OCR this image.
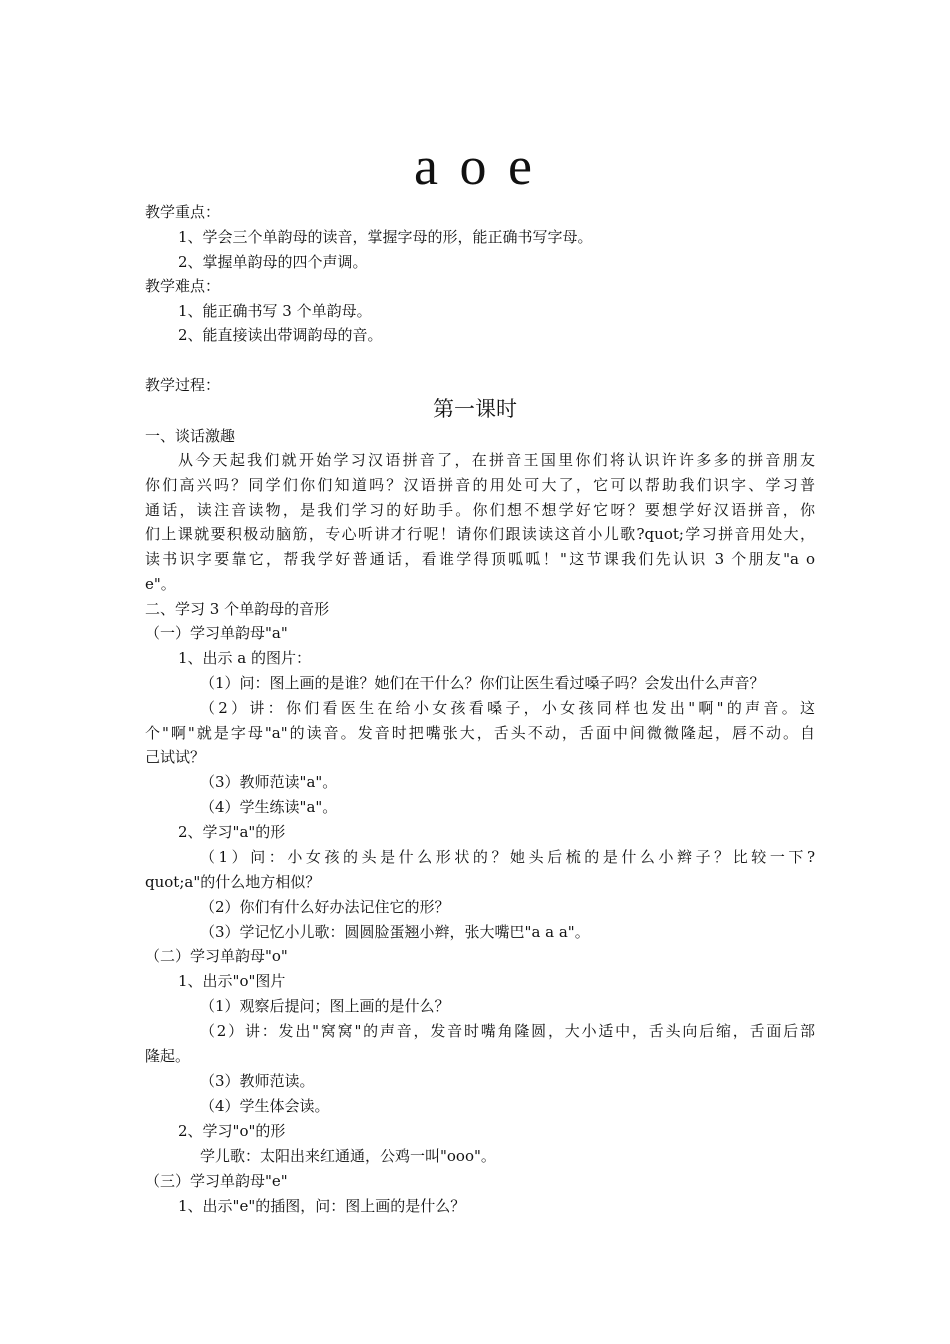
a o e
教学重点：
1、学会三个单韵母的读音，掌握字母的形，能正确书写字母。
2、掌握单韵母的四个声调。
教学难点：
1、能正确书写 3 个单韵母。
2、能直接读出带调韵母的音。
教学过程：
第一课时
一、谈话激趣
从今天起我们就开始学习汉语拼音了，在拼音王国里你们将认识许许多多的拼音朋友
你们高兴吗？同学们你们知道吗？汉语拼音的用处可大了，它可以帮助我们识字、学习普
通话，读注音读物，是我们学习的好助手。你们想不想学好它呀？要想学好汉语拼音，你
们上课就要积极动脑筋，专心听讲才行呢！请你们跟读读这首小儿歌?quot;学习拼音用处大，
读书识字要靠它，帮我学好普通话，看谁学得顶呱呱！"这节课我们先认识 3 个朋友"a o
e"。
二、学习 3 个单韵母的音形
（一）学习单韵母"a"
1、出示 a 的图片：
（1）问：图上画的是谁？她们在干什么？你们让医生看过嗓子吗？会发出什么声音？
（2）讲：你们看医生在给小女孩看嗓子，小女孩同样也发出"啊"的声音。这
个"啊"就是字母"a"的读音。发音时把嘴张大，舌头不动，舌面中间微微隆起，唇不动。自
己试试？
（3）教师范读"a"。
（4）学生练读"a"。
2、学习"a"的形
（1）问：小女孩的头是什么形状的？她头后梳的是什么小辫子？比较一下?
quot;a"的什么地方相似？
（2）你们有什么好办法记住它的形？
（3）学记忆小儿歌：圆圆脸蛋翘小辫，张大嘴巴"a a a"。
（二）学习单韵母"o"
1、出示"o"图片
（1）观察后提问；图上画的是什么？
（2）讲：发出"窝窝"的声音，发音时嘴角隆圆，大小适中，舌头向后缩，舌面后部
隆起。
（3）教师范读。
（4）学生体会读。
2、学习"o"的形
学儿歌：太阳出来红通通，公鸡一叫"ooo"。
（三）学习单韵母"e"
1、出示"e"的插图，问：图上画的是什么？
